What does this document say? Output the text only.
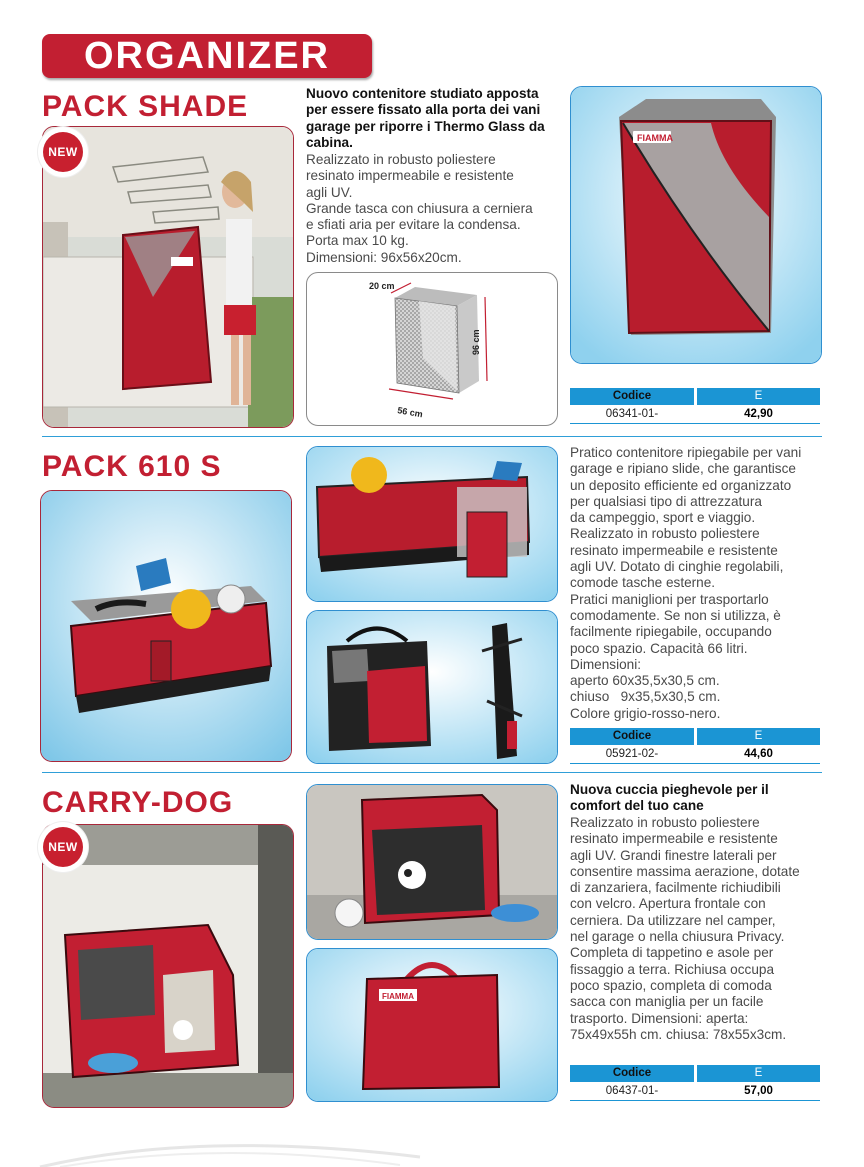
ORGANIZER
PACK SHADE
NEW
Nuovo contenitore studiato apposta per essere fissato alla porta dei vani garage per riporre i Thermo Glass da cabina.
Realizzato in robusto poliestere
resinato impermeabile e resistente
agli UV.
Grande tasca con chiusura a cerniera
e sfiati aria per evitare la condensa.
Porta max 10 kg.
Dimensioni: 96x56x20cm.
20 cm
96 cm
56 cm
FIAMMA
Codice	E
06341-01-	42,90
PACK 610 S	Pratico contenitore ripiegabile per vani
garage e ripiano slide, che garantisce
un deposito efficiente ed organizzato
per qualsiasi tipo di attrezzatura
da campeggio, sport e viaggio.
Realizzato in robusto poliestere
resinato impermeabile e resistente
agli UV. Dotato di cinghie regolabili,
comode tasche esterne.
Pratici maniglioni per trasportarlo
comodamente. Se non si utilizza, è
facilmente ripiegabile, occupando
poco spazio. Capacità 66 litri.
Dimensioni:
aperto 60x35,5x30,5 cm.
chiuso   9x35,5x30,5 cm.
Colore grigio-rosso-nero.
Codice	E
05921-02-	44,60
CARRY-DOG
NEW
FIAMMA
Nuova cuccia pieghevole per il
comfort del tuo cane
Realizzato in robusto poliestere
resinato impermeabile e resistente
agli UV. Grandi finestre laterali per
consentire massima aerazione, dotate
di zanzariera, facilmente richiudibili
con velcro. Apertura frontale con
cerniera. Da utilizzare nel camper,
nel garage o nella chiusura Privacy.
Completa di tappetino e asole per
fissaggio a terra. Richiusa occupa
poco spazio, completa di comoda
sacca con maniglia per un facile
trasporto. Dimensioni: aperta:
75x49x55h cm. chiusa: 78x55x3cm.
Codice	E
06437-01-	57,00
